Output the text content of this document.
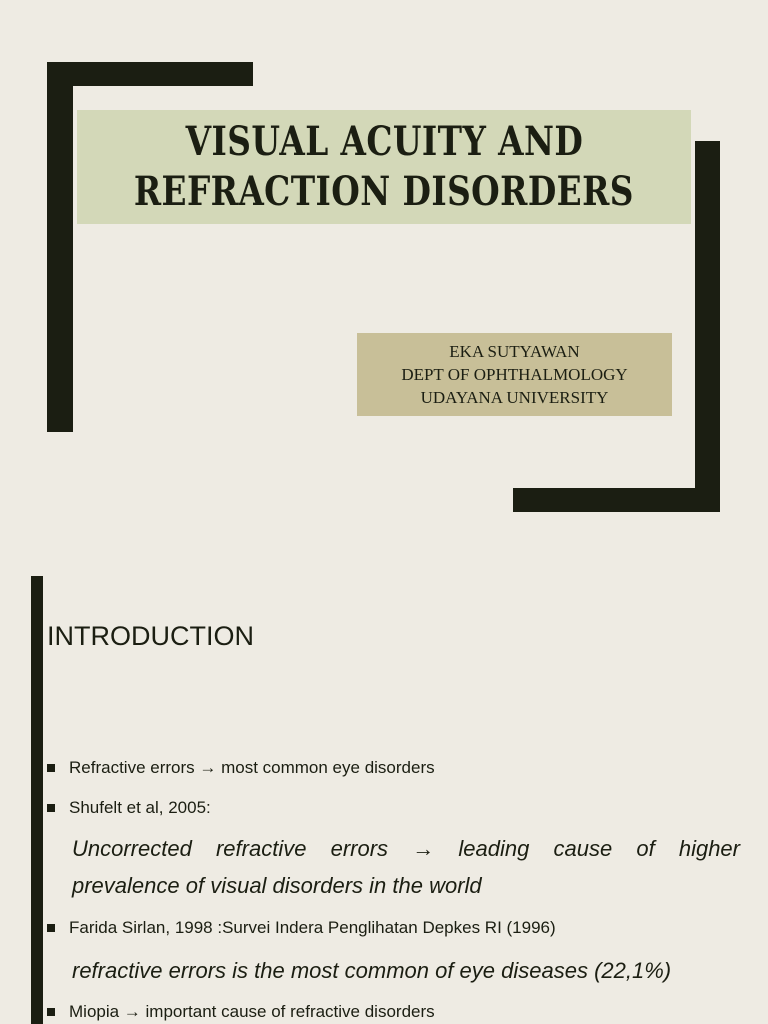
VISUAL ACUITY AND
REFRACTION DISORDERS
EKA SUTYAWAN
DEPT OF OPHTHALMOLOGY
UDAYANA UNIVERSITY
INTRODUCTION
Refractive errors → most common eye disorders
Shufelt et al, 2005:
Uncorrected refractive errors → leading cause of higher
prevalence of visual disorders in the world
Farida Sirlan, 1998 :Survei Indera Penglihatan Depkes RI (1996)
refractive errors is the most common of eye diseases (22,1%)
Miopia → important cause of refractive disorders
